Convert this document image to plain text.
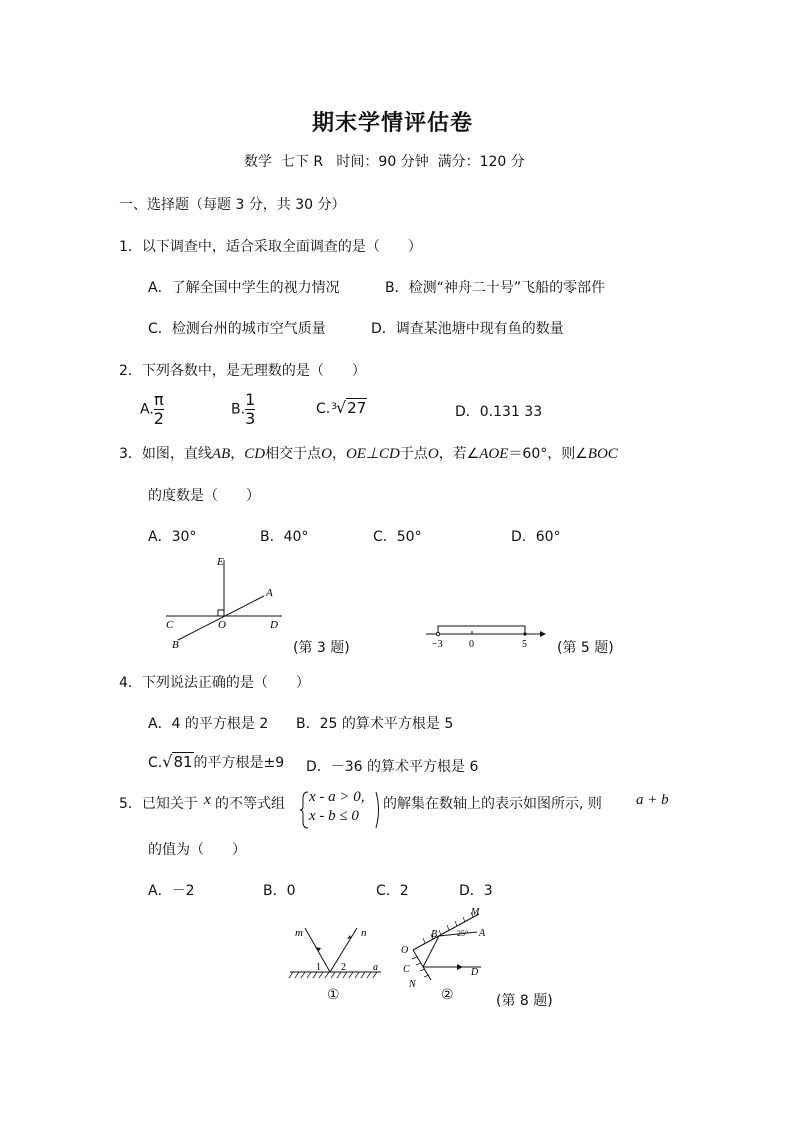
期末学情评估卷
数学  七下 R   时间：90 分钟  满分：120 分
一、选择题（每题 3 分，共 30 分）
1．以下调查中，适合采取全面调查的是（　　）
A．了解全国中学生的视力情况	B．检测“神舟二十号”飞船的零部件
C．检测台州的城市空气质量	D．调查某池塘中现有鱼的数量
2．下列各数中，是无理数的是（　　）
A. $\frac{\pi}{2}$	B. $\frac{1}{3}$	C.$^3$√27	D．0.131 33
3．如图，直线AB，CD相交于点O，OE⊥CD于点O，若∠AOE＝60°，则∠BOC
的度数是（　　）
A．30°	B．40°	C．50°	D．60°
E
A
C	O	D
B	(第 3 题)	−3	0	5 (第 5 题)
4．下列说法正确的是（　　）
A．4 的平方根是 2 B．25 的算术平方根是 5
C.√81的平方根是±9 D．－36 的算术平方根是 6
5．已知关于 x 的不等式组 x - a > 0,
x - b ≤ 0
的解集在数轴上的表示如图所示, 则 a + b
的值为（　　）
A．－2	B．0	C．2	D．3
m	n
1 2	a
①
M
O
B 25° A
C	D
N
②	(第 8 题)
